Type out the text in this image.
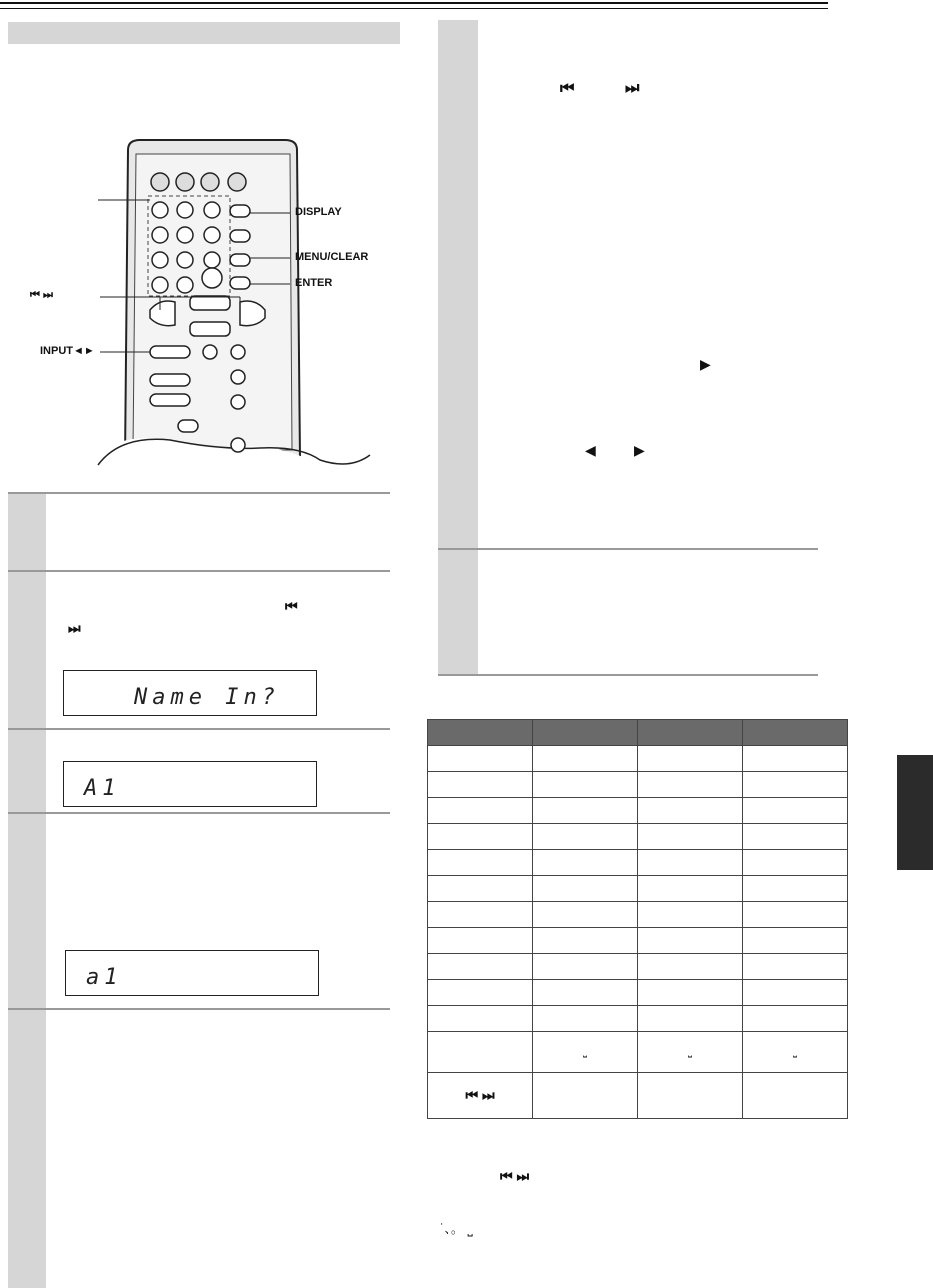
DISPLAY
MENU/CLEAR
ENTER
INPUT◄►
⏮ ⏭
⏮
⏭
Name In?
A1
a1
⏮	⏭
▶
◀	▶

	⎵	⎵	⎵
⏮ ⏭			
⏮ ⏭
˙、。 ⎵
